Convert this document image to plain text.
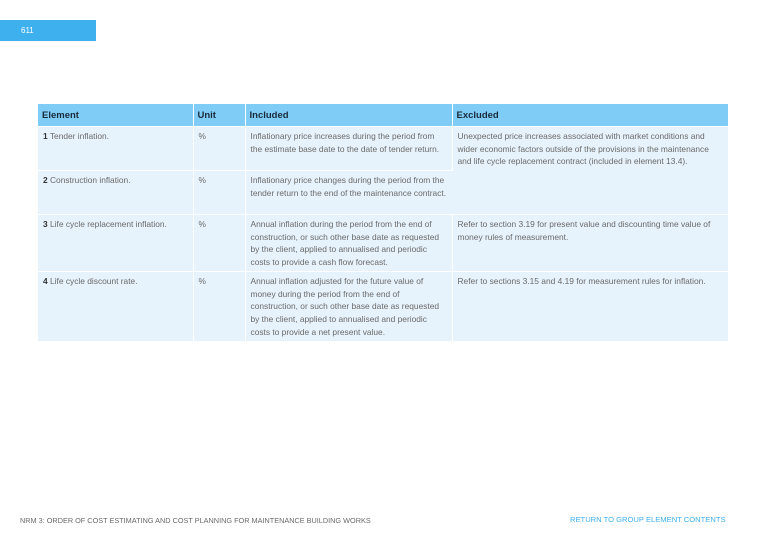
611
Element	Unit	Included	Excluded
1 Tender inflation.	%	Inflationary price increases during the period from the estimate base date to the date of tender return.	Unexpected price increases associated with market conditions and wider economic factors outside of the provisions in the maintenance and life cycle replacement contract (included in element 13.4).
2 Construction inflation.	%	Inflationary price changes during the period from the tender return to the end of the maintenance contract.	
3 Life cycle replacement inflation.	%	Annual inflation during the period from the end of construction, or such other base date as requested by the client, applied to annualised and periodic costs to provide a cash flow forecast.	Refer to section 3.19 for present value and discounting time value of money rules of measurement.
4 Life cycle discount rate.	%	Annual inflation adjusted for the future value of money during the period from the end of construction, or such other base date as requested by the client, applied to annualised and periodic costs to provide a net present value.	Refer to sections 3.15 and 4.19 for measurement rules for inflation.
NRM 3: ORDER OF COST ESTIMATING AND COST PLANNING FOR MAINTENANCE BUILDING WORKS	RETURN TO GROUP ELEMENT CONTENTS
